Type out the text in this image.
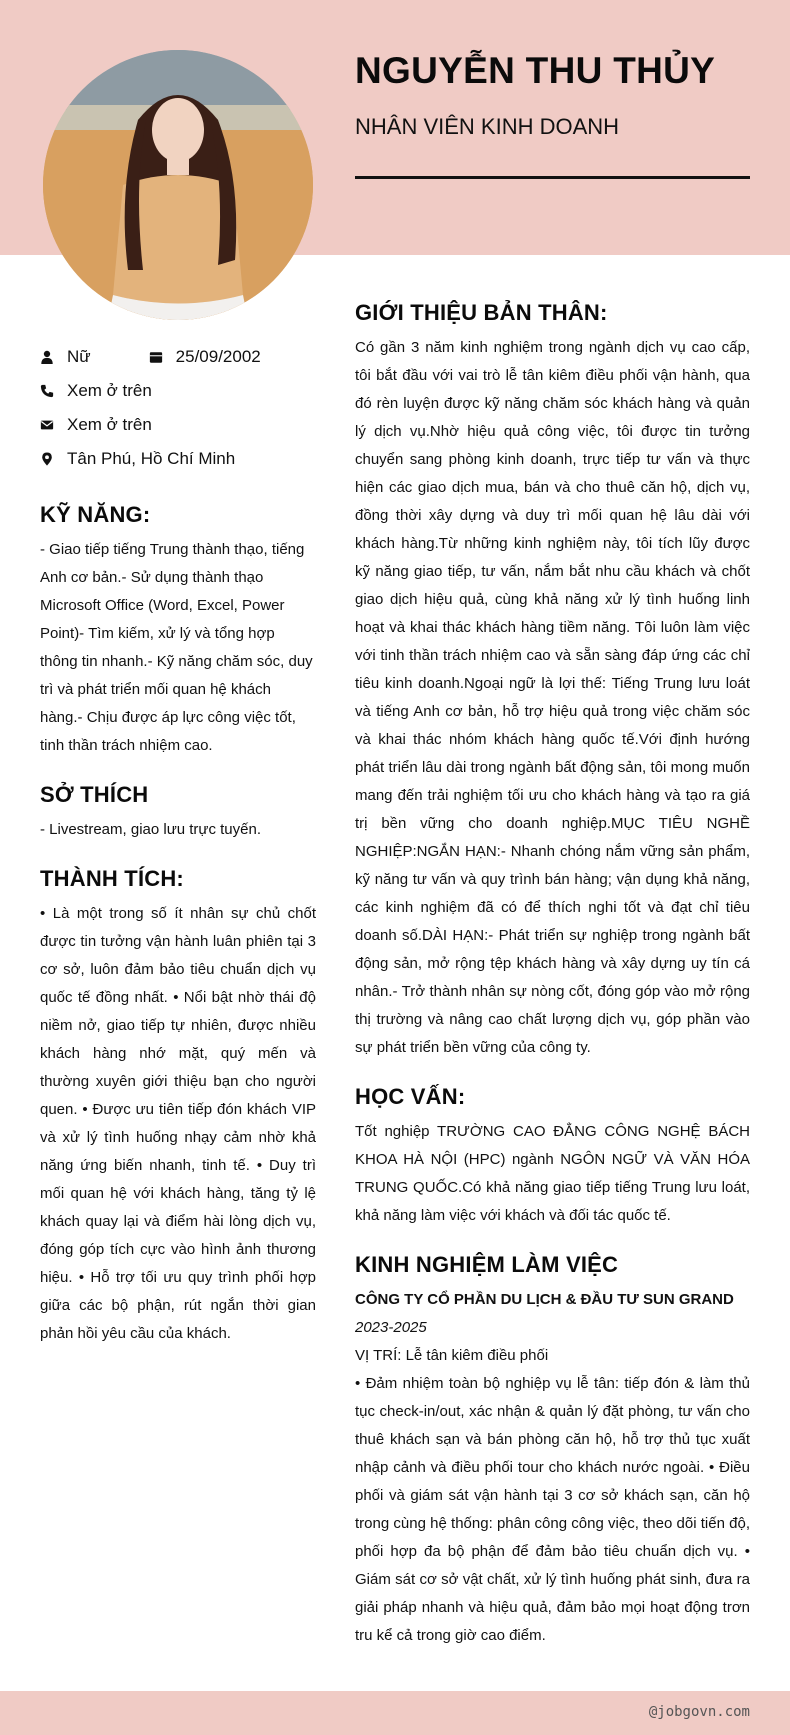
NGUYỄN THU THỦY
NHÂN VIÊN KINH DOANH
Nữ	25/09/2002
Xem ở trên
Xem ở trên
Tân Phú, Hồ Chí Minh
KỸ NĂNG:
- Giao tiếp tiếng Trung thành thạo, tiếng Anh cơ bản.- Sử dụng thành thạo Microsoft Office (Word, Excel, Power Point)- Tìm kiếm, xử lý và tổng hợp thông tin nhanh.- Kỹ năng chăm sóc, duy trì và phát triển mối quan hệ khách hàng.- Chịu được áp lực công việc tốt, tinh thần trách nhiệm cao.
SỞ THÍCH
- Livestream, giao lưu trực tuyến.
THÀNH TÍCH:
• Là một trong số ít nhân sự chủ chốt được tin tưởng vận hành luân phiên tại 3 cơ sở, luôn đảm bảo tiêu chuẩn dịch vụ quốc tế đồng nhất. • Nổi bật nhờ thái độ niềm nở, giao tiếp tự nhiên, được nhiều khách hàng nhớ mặt, quý mến và thường xuyên giới thiệu bạn cho người quen. • Được ưu tiên tiếp đón khách VIP và xử lý tình huống nhạy cảm nhờ khả năng ứng biến nhanh, tinh tế. • Duy trì mối quan hệ với khách hàng, tăng tỷ lệ khách quay lại và điểm hài lòng dịch vụ, đóng góp tích cực vào hình ảnh thương hiệu. • Hỗ trợ tối ưu quy trình phối hợp giữa các bộ phận, rút ngắn thời gian phản hồi yêu cầu của khách.
GIỚI THIỆU BẢN THÂN:
Có gần 3 năm kinh nghiệm trong ngành dịch vụ cao cấp, tôi bắt đầu với vai trò lễ tân kiêm điều phối vận hành, qua đó rèn luyện được kỹ năng chăm sóc khách hàng và quản lý dịch vụ.Nhờ hiệu quả công việc, tôi được tin tưởng chuyển sang phòng kinh doanh, trực tiếp tư vấn và thực hiện các giao dịch mua, bán và cho thuê căn hộ, dịch vụ, đồng thời xây dựng và duy trì mối quan hệ lâu dài với khách hàng.Từ những kinh nghiệm này, tôi tích lũy được kỹ năng giao tiếp, tư vấn, nắm bắt nhu cầu khách và chốt giao dịch hiệu quả, cùng khả năng xử lý tình huống linh hoạt và khai thác khách hàng tiềm năng. Tôi luôn làm việc với tinh thần trách nhiệm cao và sẵn sàng đáp ứng các chỉ tiêu kinh doanh.Ngoại ngữ là lợi thế: Tiếng Trung lưu loát và tiếng Anh cơ bản, hỗ trợ hiệu quả trong việc chăm sóc và khai thác nhóm khách hàng quốc tế.Với định hướng phát triển lâu dài trong ngành bất động sản, tôi mong muốn mang đến trải nghiệm tối ưu cho khách hàng và tạo ra giá trị bền vững cho doanh nghiệp.MỤC TIÊU NGHỀ NGHIỆP:NGẮN HẠN:- Nhanh chóng nắm vững sản phẩm, kỹ năng tư vấn và quy trình bán hàng; vận dụng khả năng, các kinh nghiệm đã có để thích nghi tốt và đạt chỉ tiêu doanh số.DÀI HẠN:- Phát triển sự nghiệp trong ngành bất động sản, mở rộng tệp khách hàng và xây dựng uy tín cá nhân.- Trở thành nhân sự nòng cốt, đóng góp vào mở rộng thị trường và nâng cao chất lượng dịch vụ, góp phần vào sự phát triển bền vững của công ty.
HỌC VẤN:
Tốt nghiệp TRƯỜNG CAO ĐẲNG CÔNG NGHỆ BÁCH KHOA HÀ NỘI (HPC) ngành NGÔN NGỮ VÀ VĂN HÓA TRUNG QUỐC.Có khả năng giao tiếp tiếng Trung lưu loát, khả năng làm việc với khách và đối tác quốc tế.
KINH NGHIỆM LÀM VIỆC
CÔNG TY CỔ PHẦN DU LỊCH & ĐẦU TƯ SUN GRAND
2023-2025
VỊ TRÍ: Lễ tân kiêm điều phối
• Đảm nhiệm toàn bộ nghiệp vụ lễ tân: tiếp đón & làm thủ tục check-in/out, xác nhận & quản lý đặt phòng, tư vấn cho thuê khách sạn và bán phòng căn hộ, hỗ trợ thủ tục xuất nhập cảnh và điều phối tour cho khách nước ngoài. • Điều phối và giám sát vận hành tại 3 cơ sở khách sạn, căn hộ trong cùng hệ thống: phân công công việc, theo dõi tiến độ, phối hợp đa bộ phận để đảm bảo tiêu chuẩn dịch vụ. • Giám sát cơ sở vật chất, xử lý tình huống phát sinh, đưa ra giải pháp nhanh và hiệu quả, đảm bảo mọi hoạt động trơn tru kể cả trong giờ cao điểm.
@jobgovn.com
